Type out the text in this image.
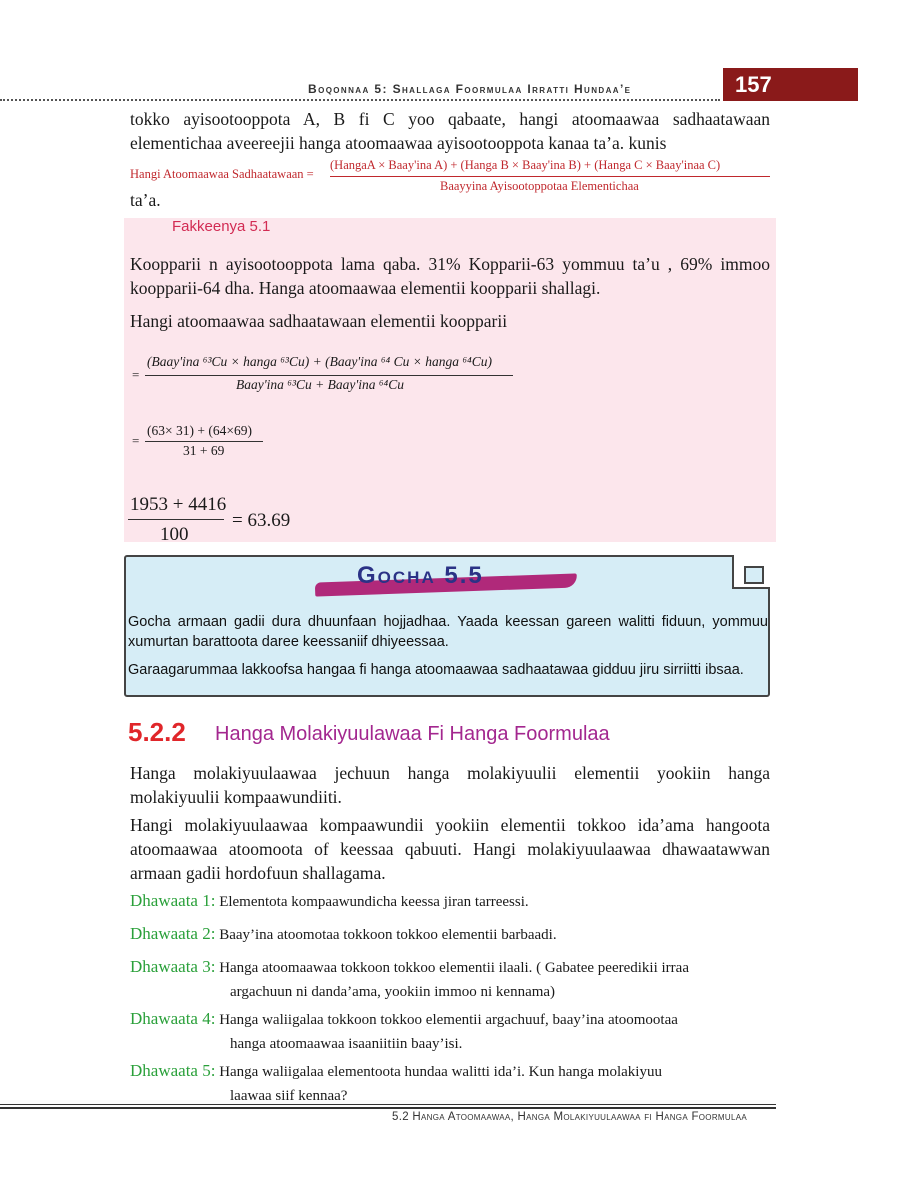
Boqonnaa 5: Shallaga Foormulaa Irratti Hundaa’e	157
tokko ayisootooppota A, B fi C yoo qabaate, hangi atoomaawaa sadhaatawaan elementichaa aveereejii hanga atoomaawaa ayisootooppota kanaa ta’a. kunis
Hangi Atoomaawaa Sadhaatawaan =
(HangaA × Baay'ina A) + (Hanga B × Baay'ina B) + (Hanga C × Baay'inaa C)
Baayyina Ayisootoppotaa Elementichaa
ta’a.
Fakkeenya 5.1
Koopparii n ayisootooppota lama qaba. 31% Kopparii-63 yommuu ta’u , 69% immoo koopparii-64 dha. Hanga atoomaawaa elementii koopparii shallagi.
Hangi atoomaawaa sadhaatawaan elementii koopparii
=
(Baay'ina ⁶³Cu × hanga ⁶³Cu) + (Baay'ina ⁶⁴ Cu × hanga ⁶⁴Cu)
Baay'ina ⁶³Cu + Baay'ina ⁶⁴Cu
=
(63× 31) + (64×69)
31 + 69
1953 + 4416
100
= 63.69
Gocha 5.5
Gocha armaan gadii dura dhuunfaan hojjadhaa. Yaada keessan gareen walitti fiduun, yommuu xumurtan barattoota daree keessaniif dhiyeessaa.
Garaagarummaa lakkoofsa hangaa fi hanga atoomaawaa sadhaatawaa gidduu jiru sirriitti ibsaa.
5.2.2 Hanga Molakiyuulawaa Fi Hanga Foormulaa
Hanga molakiyuulaawaa jechuun hanga molakiyuulii elementii yookiin hanga molakiyuulii kompaawundiiti.
Hangi molakiyuulaawaa kompaawundii yookiin elementii tokkoo ida’ama hangoota atoomaawaa atoomoota of keessaa qabuuti. Hangi molakiyuulaawaa dhawaatawwan armaan gadii hordofuun shallagama.
Dhawaata 1: Elementota kompaawundicha keessa jiran tarreessi.
Dhawaata 2: Baay’ina atoomotaa tokkoon tokkoo elementii barbaadi.
Dhawaata 3: Hanga atoomaawaa tokkoon tokkoo elementii ilaali. ( Gabatee peeredikii irraa
argachuun ni danda’ama, yookiin immoo ni kennama)
Dhawaata 4: Hanga waliigalaa tokkoon tokkoo elementii argachuuf, baay’ina atoomootaa
hanga atoomaawaa isaaniitiin baay’isi.
Dhawaata 5: Hanga waliigalaa elementoota hundaa walitti ida’i. Kun hanga molakiyuu
laawaa siif kennaa?
5.2 Hanga Atoomaawaa, Hanga Molakiyuulaawaa fi Hanga Foormulaa
